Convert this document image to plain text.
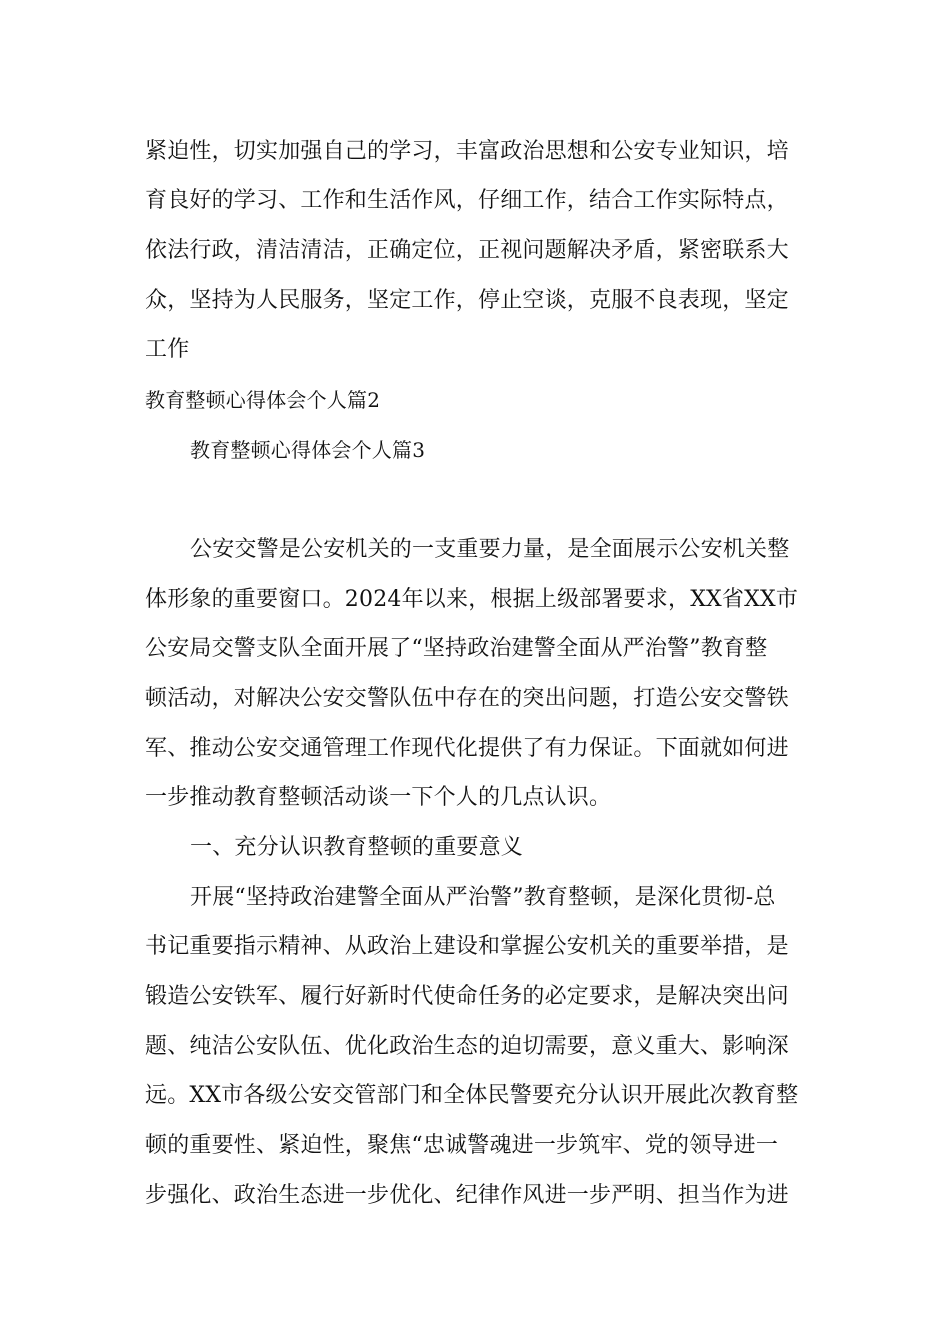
紧迫性，切实加强自己的学习，丰富政治思想和公安专业知识，培
育良好的学习、工作和生活作风，仔细工作，结合工作实际特点，
依法行政，清洁清洁，正确定位，正视问题解决矛盾，紧密联系大
众，坚持为人民服务，坚定工作，停止空谈，克服不良表现，坚定
工作
教育整顿心得体会个人篇2
教育整顿心得体会个人篇3
公安交警是公安机关的一支重要力量，是全面展示公安机关整
体形象的重要窗口。2024年以来，根据上级部署要求，XX省XX市
公安局交警支队全面开展了“坚持政治建警全面从严治警”教育整
顿活动，对解决公安交警队伍中存在的突出问题，打造公安交警铁
军、推动公安交通管理工作现代化提供了有力保证。下面就如何进
一步推动教育整顿活动谈一下个人的几点认识。
一、充分认识教育整顿的重要意义
开展“坚持政治建警全面从严治警”教育整顿，是深化贯彻-总
书记重要指示精神、从政治上建设和掌握公安机关的重要举措，是
锻造公安铁军、履行好新时代使命任务的必定要求，是解决突出问
题、纯洁公安队伍、优化政治生态的迫切需要，意义重大、影响深
远。XX市各级公安交管部门和全体民警要充分认识开展此次教育整
顿的重要性、紧迫性，聚焦“忠诚警魂进一步筑牢、党的领导进一
步强化、政治生态进一步优化、纪律作风进一步严明、担当作为进
